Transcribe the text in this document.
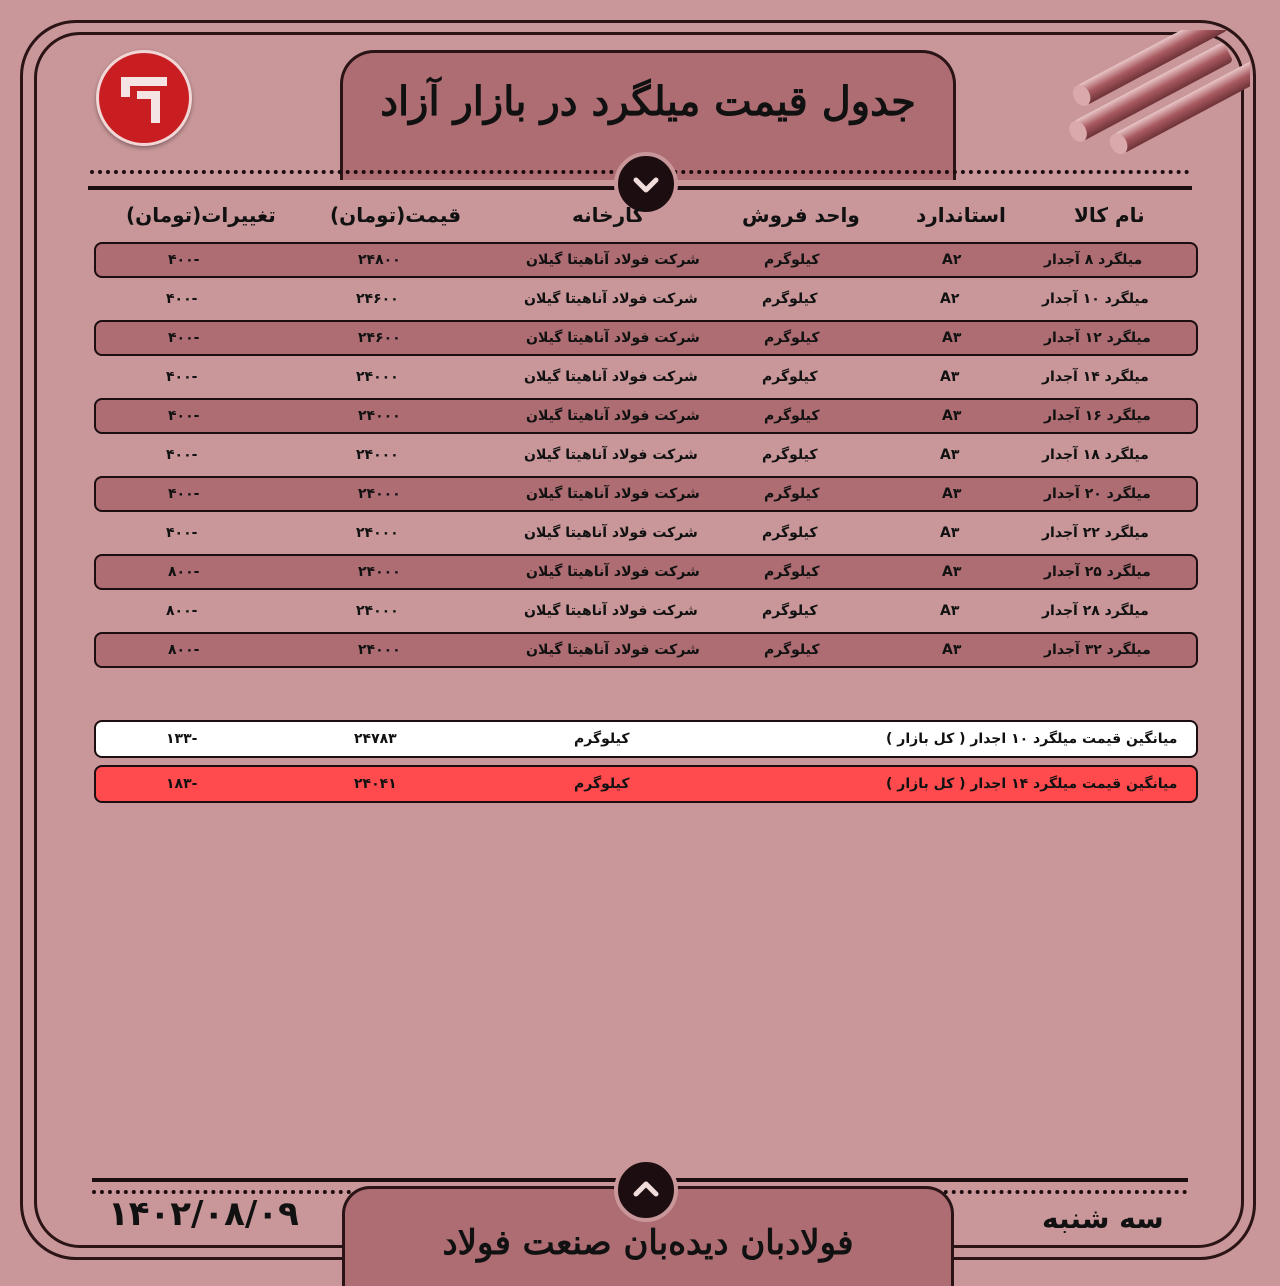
جدول قیمت میلگرد در بازار آزاد
نام کالا
استاندارد
واحد فروش
کارخانه
قیمت(تومان)
تغییرات(تومان)
میلگرد ۸ آجدار
A۲
کیلوگرم
شرکت فولاد آناهیتا گیلان
۲۴۸۰۰
-۴۰۰
میلگرد ۱۰ آجدار
A۲
کیلوگرم
شرکت فولاد آناهیتا گیلان
۲۴۶۰۰
-۴۰۰
میلگرد ۱۲ آجدار
A۳
کیلوگرم
شرکت فولاد آناهیتا گیلان
۲۴۶۰۰
-۴۰۰
میلگرد ۱۴ آجدار
A۳
کیلوگرم
شرکت فولاد آناهیتا گیلان
۲۴۰۰۰
-۴۰۰
میلگرد ۱۶ آجدار
A۳
کیلوگرم
شرکت فولاد آناهیتا گیلان
۲۴۰۰۰
-۴۰۰
میلگرد ۱۸ آجدار
A۳
کیلوگرم
شرکت فولاد آناهیتا گیلان
۲۴۰۰۰
-۴۰۰
میلگرد ۲۰ آجدار
A۳
کیلوگرم
شرکت فولاد آناهیتا گیلان
۲۴۰۰۰
-۴۰۰
میلگرد ۲۲ آجدار
A۳
کیلوگرم
شرکت فولاد آناهیتا گیلان
۲۴۰۰۰
-۴۰۰
میلگرد ۲۵ آجدار
A۳
کیلوگرم
شرکت فولاد آناهیتا گیلان
۲۴۰۰۰
-۸۰۰
میلگرد ۲۸ آجدار
A۳
کیلوگرم
شرکت فولاد آناهیتا گیلان
۲۴۰۰۰
-۸۰۰
میلگرد ۳۲ آجدار
A۳
کیلوگرم
شرکت فولاد آناهیتا گیلان
۲۴۰۰۰
-۸۰۰
میانگین قیمت میلگرد ۱۰ اجدار ( کل بازار )
کیلوگرم
۲۴۷۸۳
-۱۳۳
میانگین قیمت میلگرد ۱۴ اجدار ( کل بازار )
کیلوگرم
۲۴۰۴۱
-۱۸۳
فولادبان دیده‌بان صنعت فولاد
۱۴۰۲/۰۸/۰۹	سه شنبه
